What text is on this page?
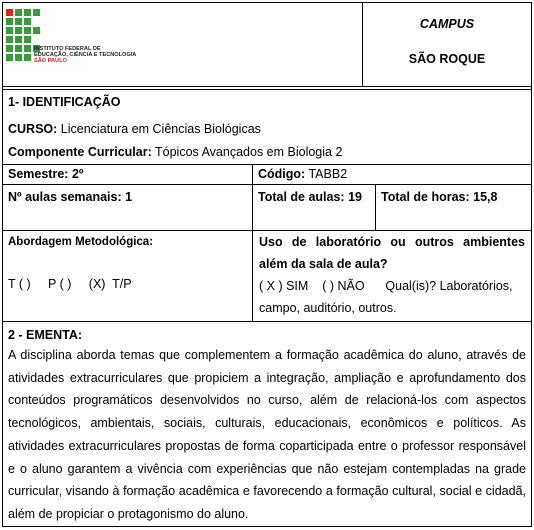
INSTITUTO FEDERAL DE
EDUCAÇÃO, CIÊNCIA E TECNOLOGIA
SÃO PAULO
CAMPUS
SÃO ROQUE
1- IDENTIFICAÇÃO
CURSO: Licenciatura em Ciências Biológicas
Componente Curricular: Tópicos Avançados em Biologia 2
Semestre: 2º	Código: TABB2
Nº aulas semanais: 1	Total de aulas: 19 Total de horas: 15,8
Abordagem Metodológica:
T ( )     P ( )     (X)  T/P
Uso de laboratório ou outros ambientes
além da sala de aula?
( X ) SIM    ( ) NÃO      Qual(is)? Laboratórios,
campo, auditório, outros.
2 - EMENTA:
A disciplina aborda temas que complementem a formação acadêmica do aluno, através de atividades extracurriculares que propiciem a integração, ampliação e aprofundamento dos conteúdos programáticos desenvolvidos no curso, além de relacioná-los com aspectos tecnológicos, ambientais, sociais, culturais, educacionais, econômicos e políticos. As atividades extracurriculares propostas de forma coparticipada entre o professor responsável e o aluno garantem a vivência com experiências que não estejam contempladas na grade curricular, visando à formação acadêmica e favorecendo a formação cultural, social e cidadã, além de propiciar o protagonismo do aluno.
